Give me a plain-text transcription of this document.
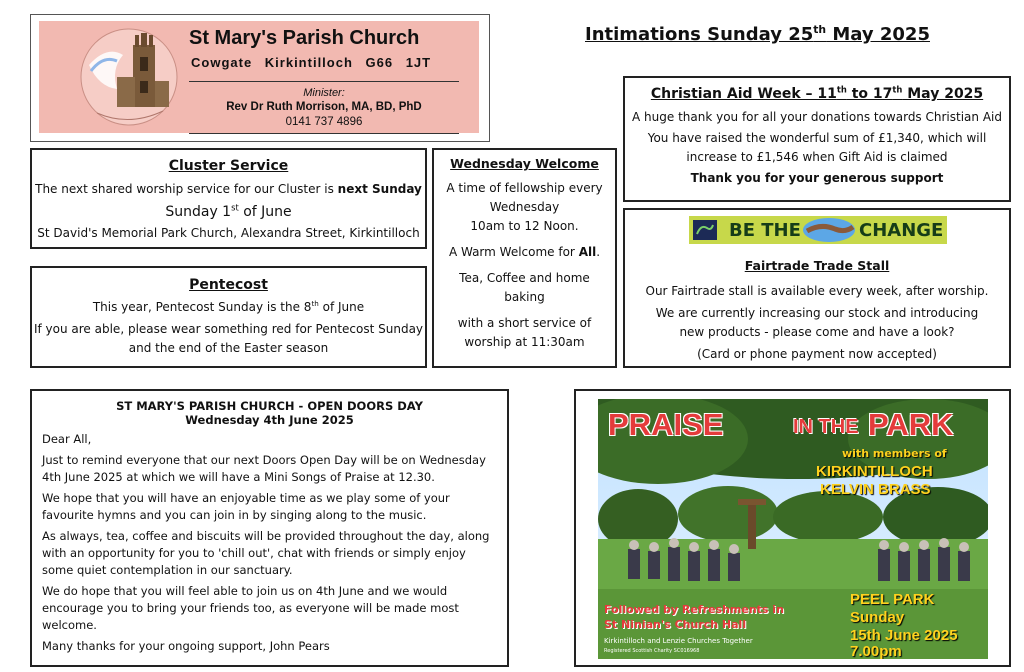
St Mary's Parish Church
Cowgate Kirkintilloch G66 1JT
Minister:
Rev Dr Ruth Morrison, MA, BD, PhD
0141 737 4896
Intimations Sunday 25th May 2025
Cluster Service
The next shared worship service for our Cluster is next Sunday
Sunday 1st of June
St David's Memorial Park Church, Alexandra Street, Kirkintilloch
Pentecost
This year, Pentecost Sunday is the 8th of June
If you are able, please wear something red for Pentecost Sunday
and the end of the Easter season
Wednesday Welcome
A time of fellowship every Wednesday
10am to 12 Noon.
A Warm Welcome for All.
Tea, Coffee and home baking
with a short service of worship at 11:30am
Christian Aid Week – 11th to 17th May 2025
A huge thank you for all your donations towards Christian Aid
You have raised the wonderful sum of £1,340, which will increase to £1,546 when Gift Aid is claimed
Thank you for your generous support
BE THE	CHANGE
Fairtrade Trade Stall
Our Fairtrade stall is available every week, after worship.
We are currently increasing our stock and introducing new products - please come and have a look?
(Card or phone payment now accepted)
ST MARY'S PARISH CHURCH - OPEN DOORS DAY
Wednesday 4th June 2025
Dear All,
Just to remind everyone that our next Doors Open Day will be on Wednesday 4th June 2025 at which we will have a Mini Songs of Praise at 12.30.
We hope that you will have an enjoyable time as we play some of your favourite hymns and you can join in by singing along to the music.
As always, tea, coffee and biscuits will be provided throughout the day, along with an opportunity for you to 'chill out', chat with friends or simply enjoy some quiet contemplation in our sanctuary.
We do hope that you will feel able to join us on 4th June and we would encourage you to bring your friends too, as everyone will be made most welcome.
Many thanks for your ongoing support, John Pears
PRAISE	IN THE PARK
with members of
KIRKINTILLOCH
KELVIN BRASS
Followed by Refreshments in
St Ninian's Church Hall
Kirkintilloch and Lenzie Churches Together
Registered Scottish Charity SC016968
PEEL PARK
Sunday
15th June 2025
7.00pm
